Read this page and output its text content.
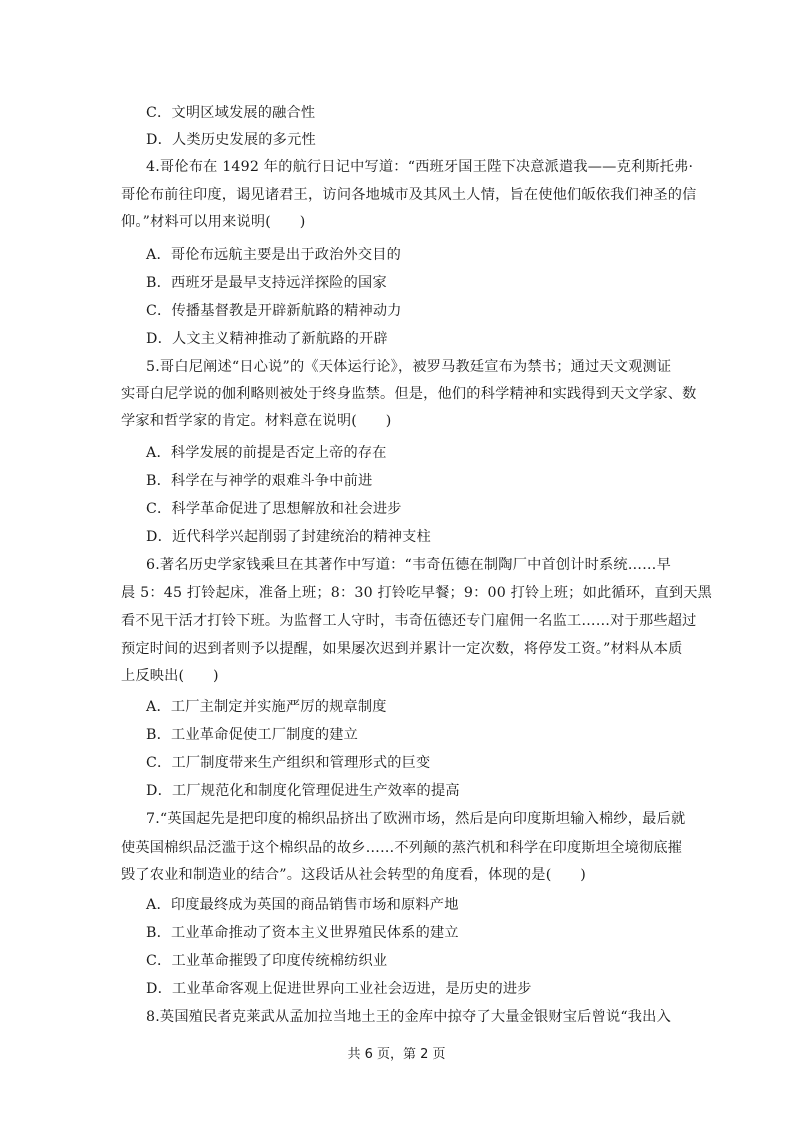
C．文明区域发展的融合性
D．人类历史发展的多元性
4.哥伦布在 1492 年的航行日记中写道：“西班牙国王陛下决意派遣我——克利斯托弗·
哥伦布前往印度，谒见诸君王，访问各地城市及其风土人情，旨在使他们皈依我们神圣的信
仰。”材料可以用来说明(　　)
A．哥伦布远航主要是出于政治外交目的
B．西班牙是最早支持远洋探险的国家
C．传播基督教是开辟新航路的精神动力
D．人文主义精神推动了新航路的开辟
5.哥白尼阐述“日心说”的《天体运行论》，被罗马教廷宣布为禁书；通过天文观测证
实哥白尼学说的伽利略则被处于终身监禁。但是，他们的科学精神和实践得到天文学家、数
学家和哲学家的肯定。材料意在说明(　　)
A．科学发展的前提是否定上帝的存在
B．科学在与神学的艰难斗争中前进
C．科学革命促进了思想解放和社会进步
D．近代科学兴起削弱了封建统治的精神支柱
6.著名历史学家钱乘旦在其著作中写道：“韦奇伍德在制陶厂中首创计时系统……早
晨 5：45 打铃起床，准备上班；8：30 打铃吃早餐；9：00 打铃上班；如此循环，直到天黑
看不见干活才打铃下班。为监督工人守时，韦奇伍德还专门雇佣一名监工……对于那些超过
预定时间的迟到者则予以提醒，如果屡次迟到并累计一定次数，将停发工资。”材料从本质
上反映出(　　)
A．工厂主制定并实施严厉的规章制度
B．工业革命促使工厂制度的建立
C．工厂制度带来生产组织和管理形式的巨变
D．工厂规范化和制度化管理促进生产效率的提高
7.“英国起先是把印度的棉织品挤出了欧洲市场，然后是向印度斯坦输入棉纱，最后就
使英国棉织品泛滥于这个棉织品的故乡……不列颠的蒸汽机和科学在印度斯坦全境彻底摧
毁了农业和制造业的结合”。这段话从社会转型的角度看，体现的是(　　)
A．印度最终成为英国的商品销售市场和原料产地
B．工业革命推动了资本主义世界殖民体系的建立
C．工业革命摧毁了印度传统棉纺织业
D．工业革命客观上促进世界向工业社会迈进，是历史的进步
8.英国殖民者克莱武从孟加拉当地土王的金库中掠夺了大量金银财宝后曾说“我出入
共 6 页，第 2 页
